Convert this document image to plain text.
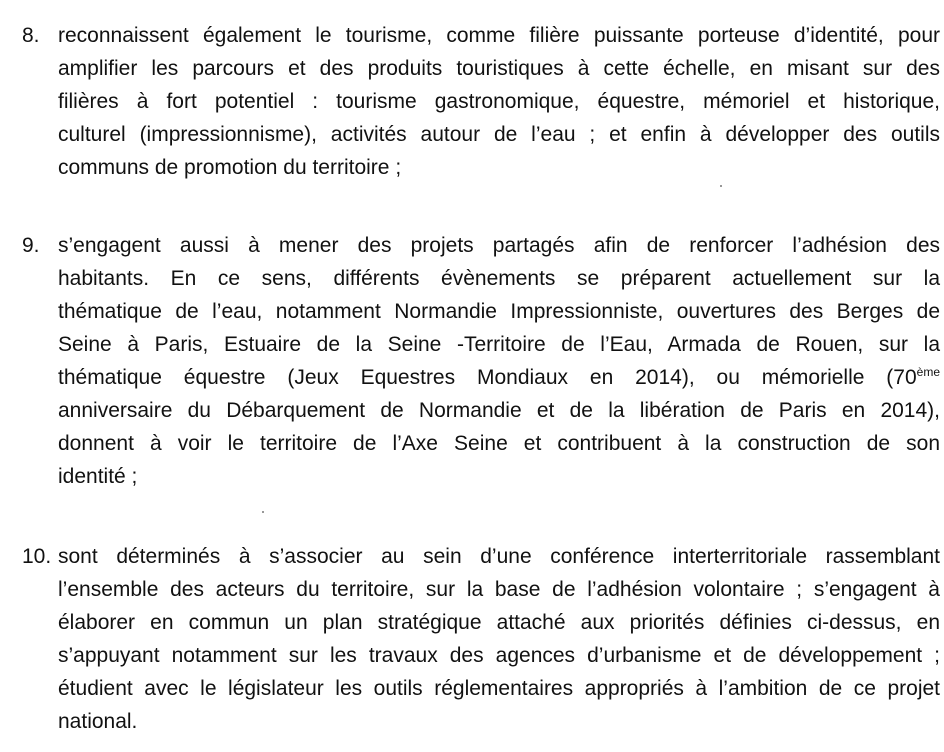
8. reconnaissent également le tourisme, comme filière puissante porteuse d’identité, pour
amplifier les parcours et des produits touristiques à cette échelle, en misant sur des
filières à fort potentiel : tourisme gastronomique, équestre, mémoriel et historique,
culturel (impressionnisme), activités autour de l’eau ; et enfin à développer des outils
communs de promotion du territoire ;
9. s’engagent aussi à mener des projets partagés afin de renforcer l’adhésion des
habitants. En ce sens, différents évènements se préparent actuellement sur la
thématique de l’eau, notamment Normandie Impressionniste, ouvertures des Berges de
Seine à Paris, Estuaire de la Seine -Territoire de l’Eau, Armada de Rouen, sur la
thématique équestre (Jeux Equestres Mondiaux en 2014), ou mémorielle (70ème
anniversaire du Débarquement de Normandie et de la libération de Paris en 2014),
donnent à voir le territoire de l’Axe Seine et contribuent à la construction de son
identité ;
10. sont déterminés à s’associer au sein d’une conférence interterritoriale rassemblant
l’ensemble des acteurs du territoire, sur la base de l’adhésion volontaire ; s’engagent à
élaborer en commun un plan stratégique attaché aux priorités définies ci-dessus, en
s’appuyant notamment sur les travaux des agences d’urbanisme et de développement ;
étudient avec le législateur les outils réglementaires appropriés à l’ambition de ce projet
national.
